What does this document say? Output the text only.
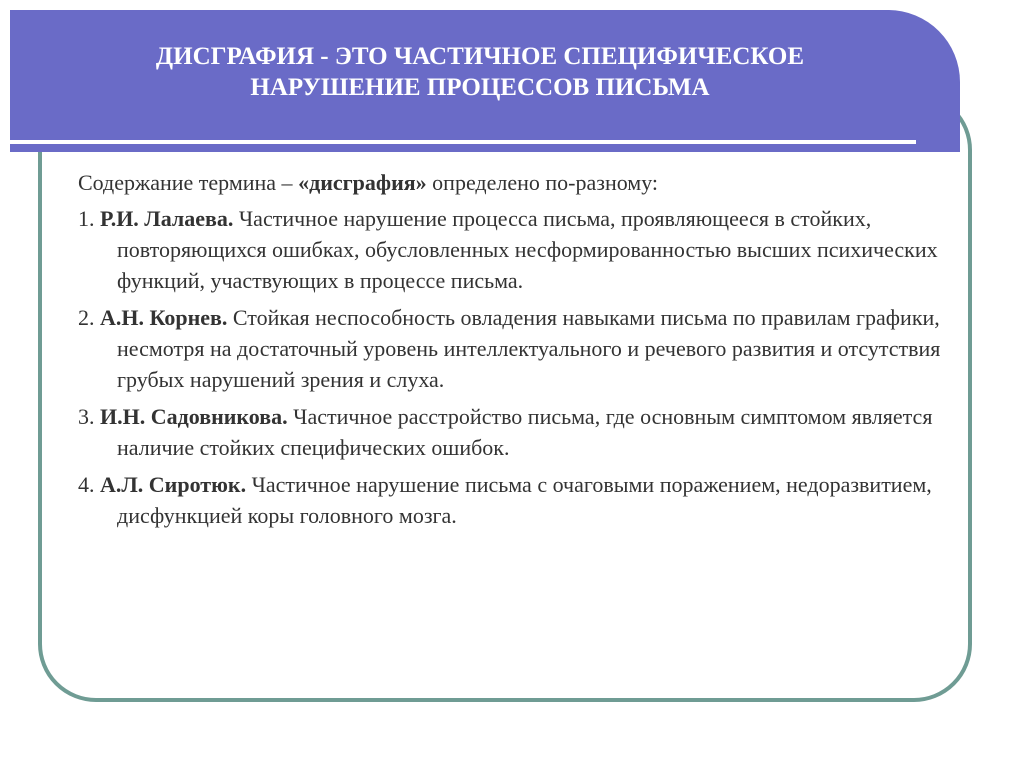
ДИСГРАФИЯ - ЭТО ЧАСТИЧНОЕ СПЕЦИФИЧЕСКОЕ
НАРУШЕНИЕ ПРОЦЕССОВ ПИСЬМА

Содержание термина – «дисграфия» определено по-разному:

1. Р.И. Лалаева. Частичное нарушение процесса письма, проявляющееся в стойких, повторяющихся ошибках, обусловленных несформированностью высших психических функций, участвующих в процессе письма.

2. А.Н. Корнев. Стойкая неспособность овладения навыками письма по правилам графики, несмотря на достаточный уровень интеллектуального и речевого развития и отсутствия грубых нарушений зрения и слуха.

3. И.Н. Садовникова. Частичное расстройство письма, где основным симптомом является наличие стойких специфических ошибок.

4. А.Л. Сиротюк. Частичное нарушение письма с очаговыми поражением, недоразвитием, дисфункцией коры головного мозга.
